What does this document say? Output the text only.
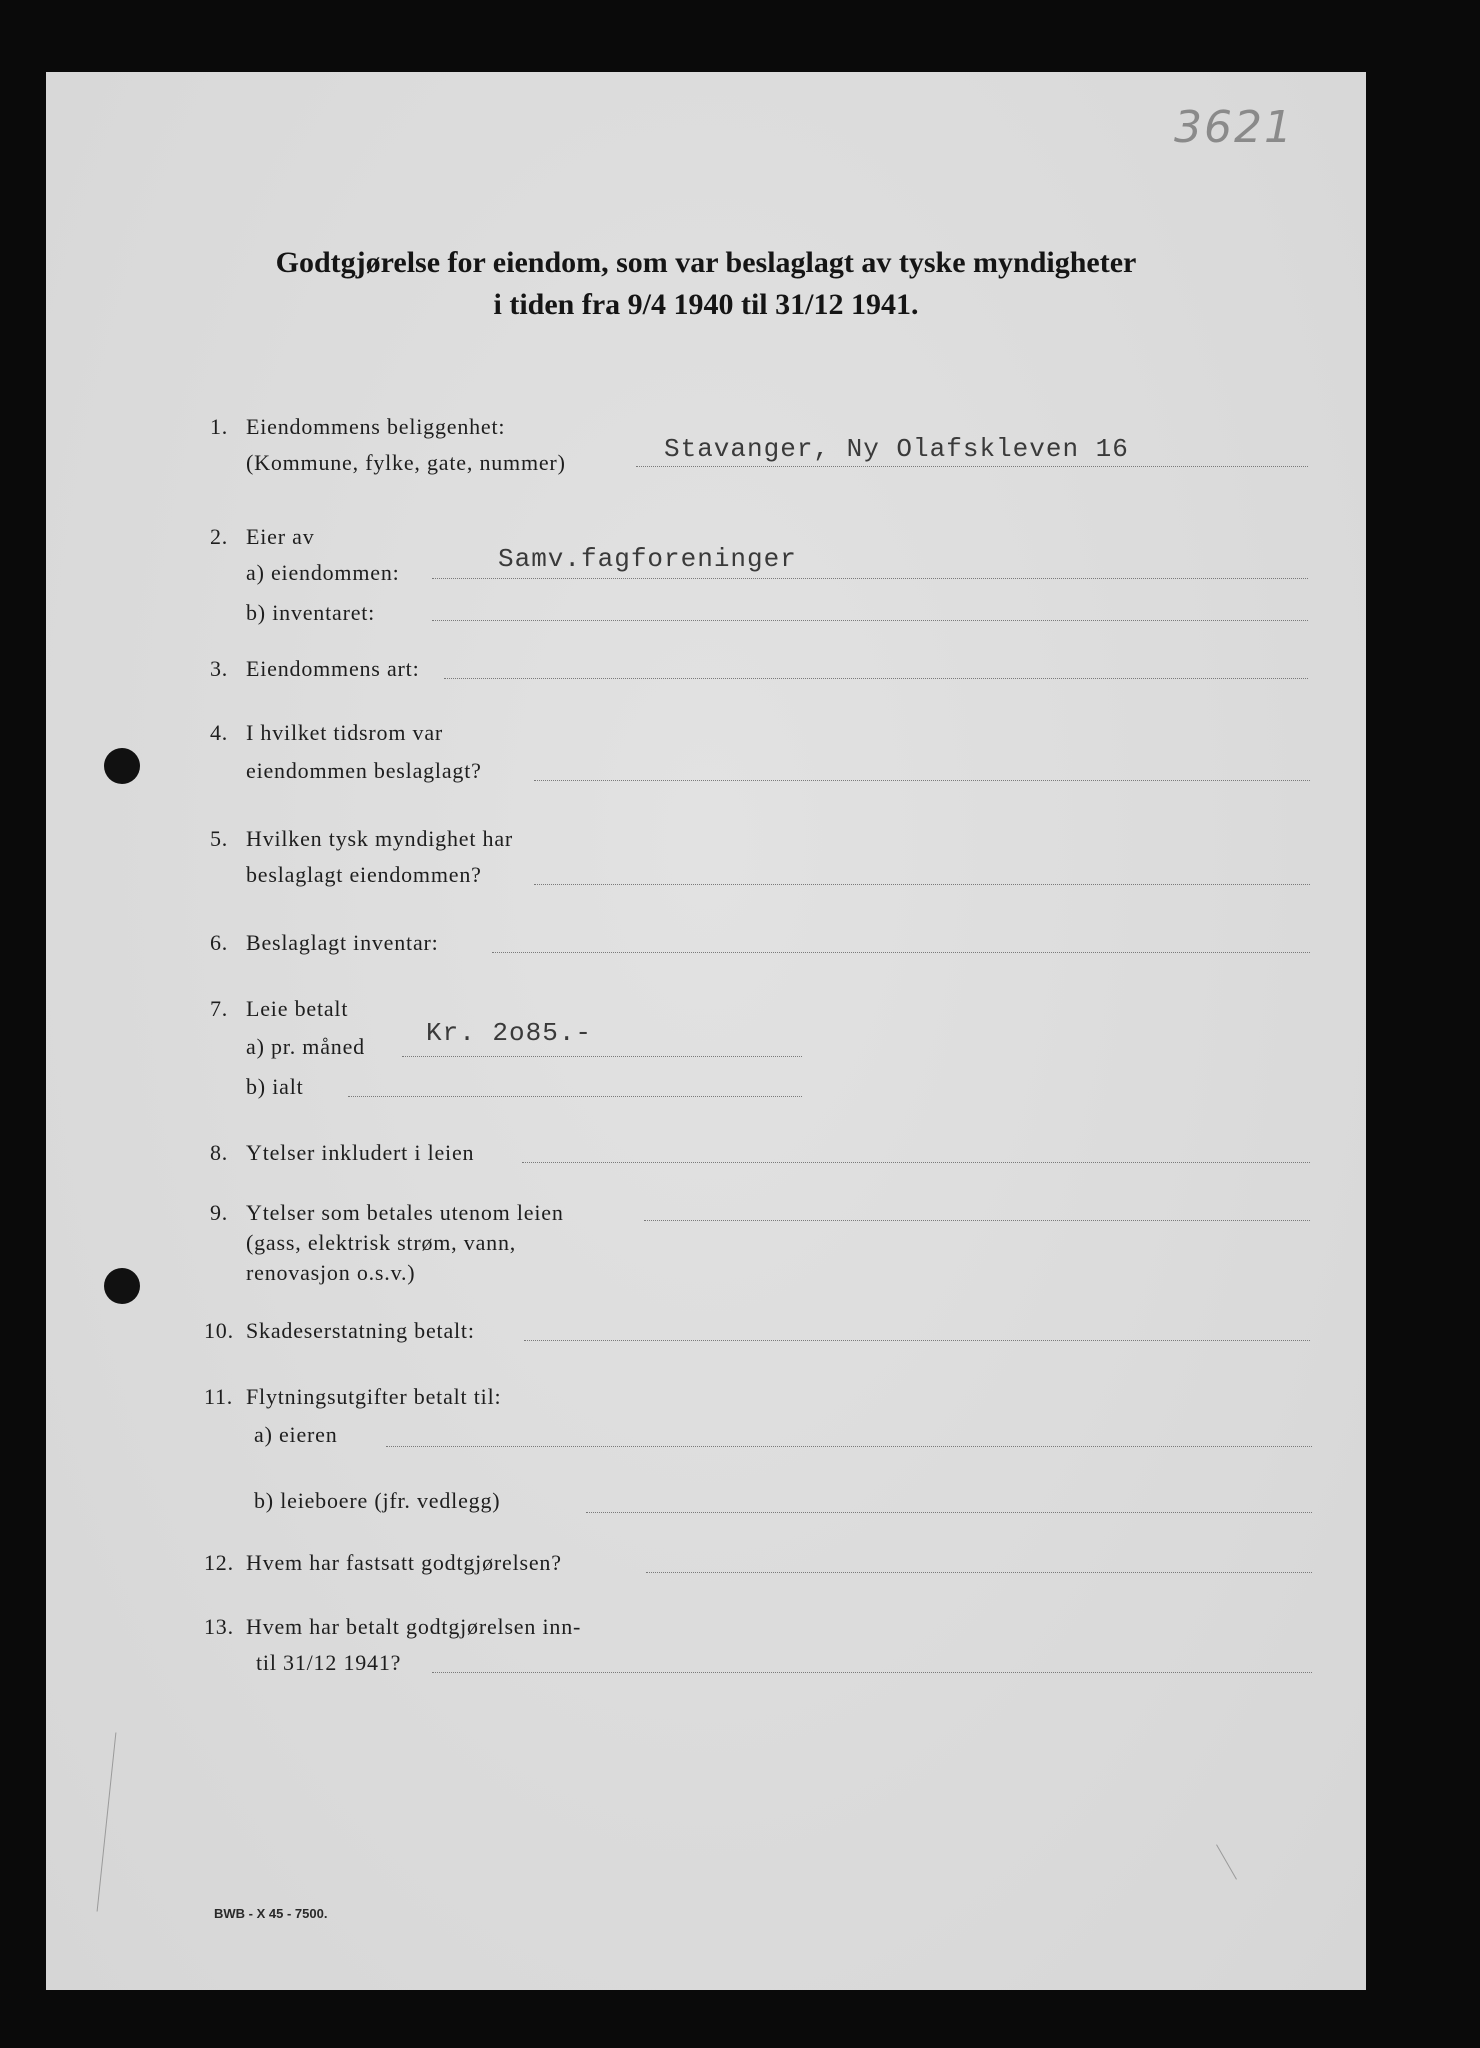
3621
Godtgjørelse for eiendom, som var beslaglagt av tyske myndigheter
i tiden fra 9/4 1940 til 31/12 1941.
1. Eiendommens beliggenhet:
(Kommune, fylke, gate, nummer)	Stavanger, Ny Olafskleven 16
2. Eier av
a) eiendommen:	Samv.fagforeninger
b) inventaret:
3. Eiendommens art:
4. I hvilket tidsrom var
eiendommen beslaglagt?
5. Hvilken tysk myndighet har
beslaglagt eiendommen?
6. Beslaglagt inventar:
7. Leie betalt
a) pr. måned Kr. 2o85.-
b) ialt
8. Ytelser inkludert i leien
9. Ytelser som betales utenom leien
(gass, elektrisk strøm, vann,
renovasjon o.s.v.)
10. Skadeserstatning betalt:
11. Flytningsutgifter betalt til:
a) eieren
b) leieboere (jfr. vedlegg)
12. Hvem har fastsatt godtgjørelsen?
13. Hvem har betalt godtgjørelsen inn-
til 31/12 1941?
BWB - X 45 - 7500.
